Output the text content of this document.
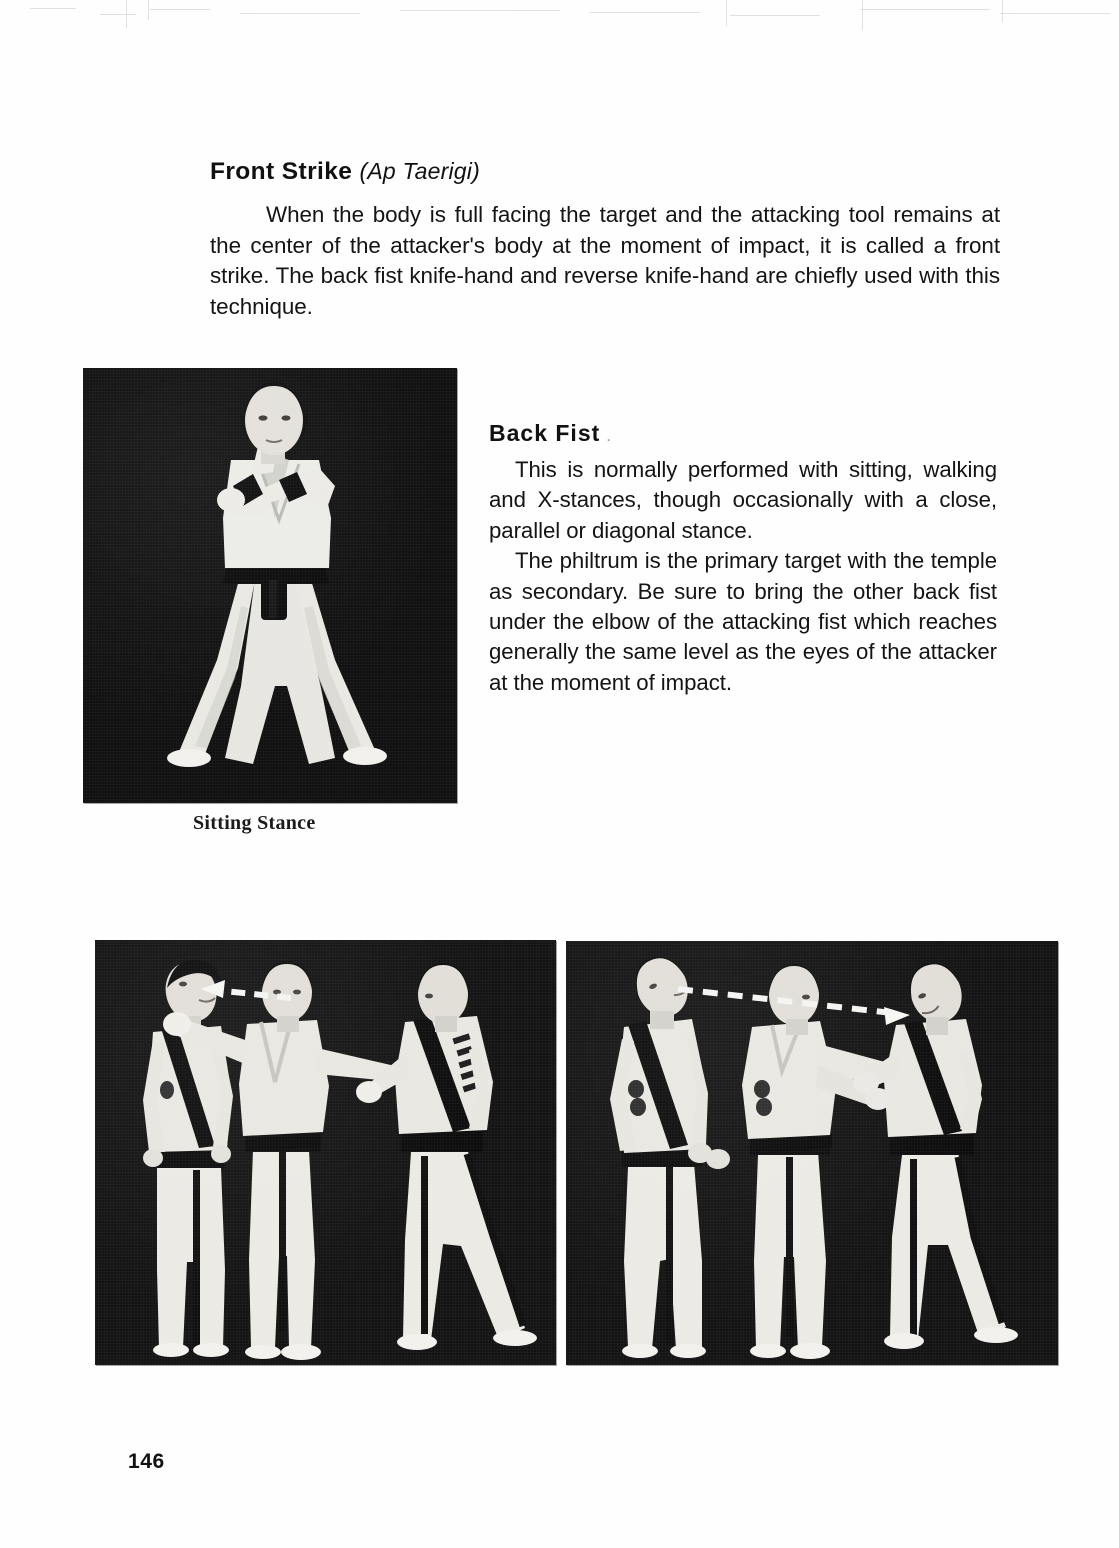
Front Strike (Ap Taerigi)
When the body is full facing the target and the attacking tool remains at the center of the attacker's body at the moment of impact, it is called a front strike. The back fist knife-hand and reverse knife-hand are chiefly used with this technique.
Sitting Stance
Back Fist .

This is normally performed with sitting, walking and X-stances, though occasionally with a close, parallel or diagonal stance.

The philtrum is the primary target with the temple as secondary. Be sure to bring the other back fist under the elbow of the attacking fist which reaches generally the same level as the eyes of the attacker at the moment of impact.

146
